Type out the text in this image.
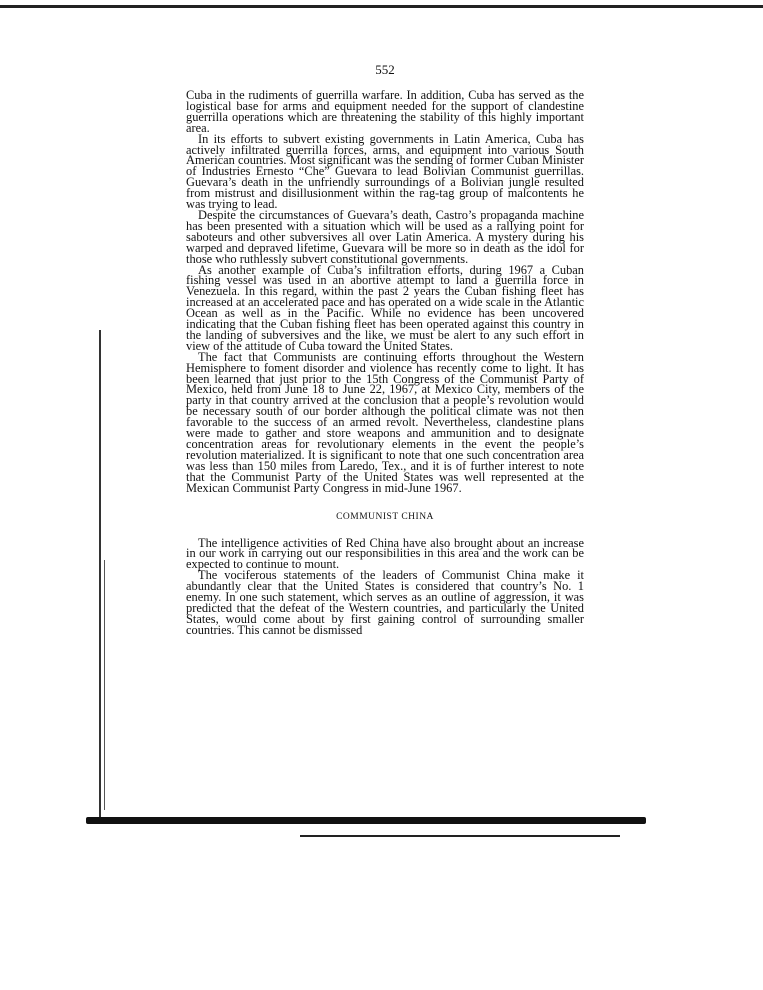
552

Cuba in the rudiments of guerrilla warfare. In addition, Cuba has served as the logistical base for arms and equipment needed for the support of clandestine guerrilla operations which are threatening the stability of this highly important area.

In its efforts to subvert existing governments in Latin America, Cuba has actively infiltrated guerrilla forces, arms, and equipment into various South American countries. Most significant was the sending of former Cuban Minister of Industries Ernesto “Che” Guevara to lead Bolivian Communist guerrillas. Guevara’s death in the unfriendly surroundings of a Bolivian jungle resulted from mistrust and disillusionment within the rag-tag group of malcontents he was trying to lead.

Despite the circumstances of Guevara’s death, Castro’s propaganda machine has been presented with a situation which will be used as a rallying point for saboteurs and other subversives all over Latin America. A mystery during his warped and depraved lifetime, Guevara will be more so in death as the idol for those who ruthlessly subvert constitutional governments.

As another example of Cuba’s infiltration efforts, during 1967 a Cuban fishing vessel was used in an abortive attempt to land a guerrilla force in Venezuela. In this regard, within the past 2 years the Cuban fishing fleet has increased at an accelerated pace and has operated on a wide scale in the Atlantic Ocean as well as in the Pacific. While no evidence has been uncovered indicating that the Cuban fishing fleet has been operated against this country in the landing of subversives and the like, we must be alert to any such effort in view of the attitude of Cuba toward the United States.

The fact that Communists are continuing efforts throughout the Western Hemisphere to foment disorder and violence has recently come to light. It has been learned that just prior to the 15th Congress of the Communist Party of Mexico, held from June 18 to June 22, 1967, at Mexico City, members of the party in that country arrived at the conclusion that a people’s revolution would be necessary south of our border although the political climate was not then favorable to the success of an armed revolt. Nevertheless, clandestine plans were made to gather and store weapons and ammunition and to designate concentration areas for revolutionary elements in the event the people’s revolution materialized. It is significant to note that one such concentration area was less than 150 miles from Laredo, Tex., and it is of further interest to note that the Communist Party of the United States was well represented at the Mexican Communist Party Congress in mid-June 1967.

COMMUNIST CHINA

The intelligence activities of Red China have also brought about an increase in our work in carrying out our responsibilities in this area and the work can be expected to continue to mount.

The vociferous statements of the leaders of Communist China make it abundantly clear that the United States is considered that country’s No. 1 enemy. In one such statement, which serves as an outline of aggression, it was predicted that the defeat of the Western countries, and particularly the United States, would come about by first gaining control of surrounding smaller countries. This cannot be dismissed
